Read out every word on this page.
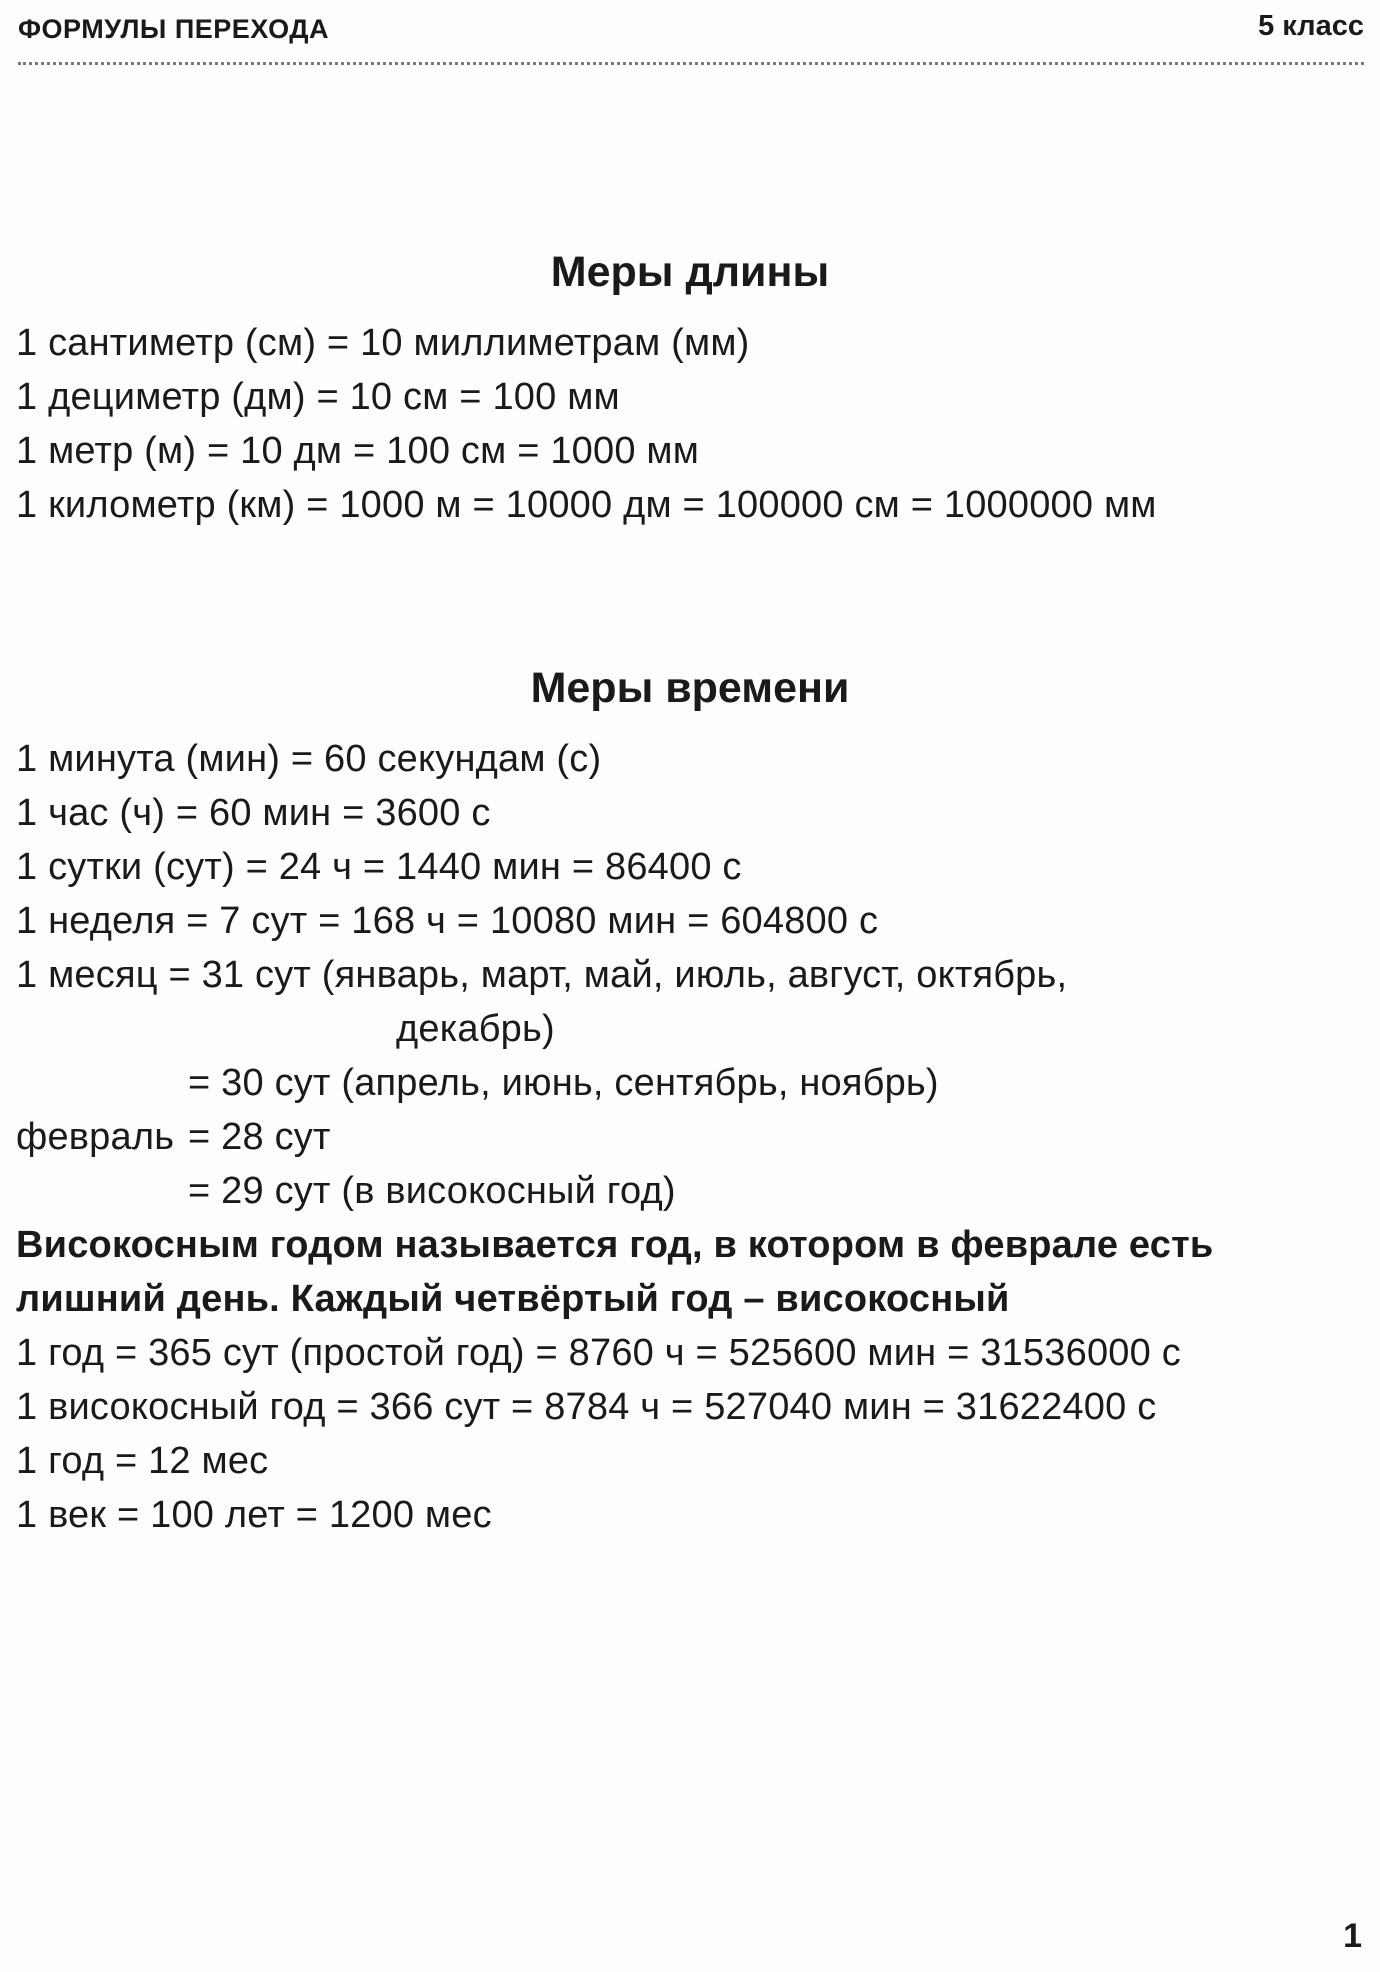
ФОРМУЛЫ ПЕРЕХОДА	5 класс
Меры длины
1 сантиметр (см) = 10 миллиметрам (мм)
1 дециметр (дм) = 10 см = 100 мм
1 метр (м) = 10 дм = 100 см = 1000 мм
1 километр (км) = 1000 м = 10000 дм = 100000 см = 1000000 мм
Меры времени
1 минута (мин) = 60 секундам (с)
1 час (ч) = 60 мин = 3600 с
1 сутки (сут) = 24 ч = 1440 мин = 86400 с
1 неделя = 7 сут = 168 ч = 10080 мин = 604800 с
1 месяц = 31 сут (январь, март, май, июль, август, октябрь,
декабрь)
= 30 сут (апрель, июнь, сентябрь, ноябрь)
февраль = 28 сут
= 29 сут (в високосный год)
Високосным годом называется год, в котором в феврале есть
лишний день. Каждый четвёртый год – високосный
1 год = 365 сут (простой год) = 8760 ч = 525600 мин = 31536000 с
1 високосный год = 366 сут = 8784 ч = 527040 мин = 31622400 с
1 год = 12 мес
1 век = 100 лет = 1200 мес
1
